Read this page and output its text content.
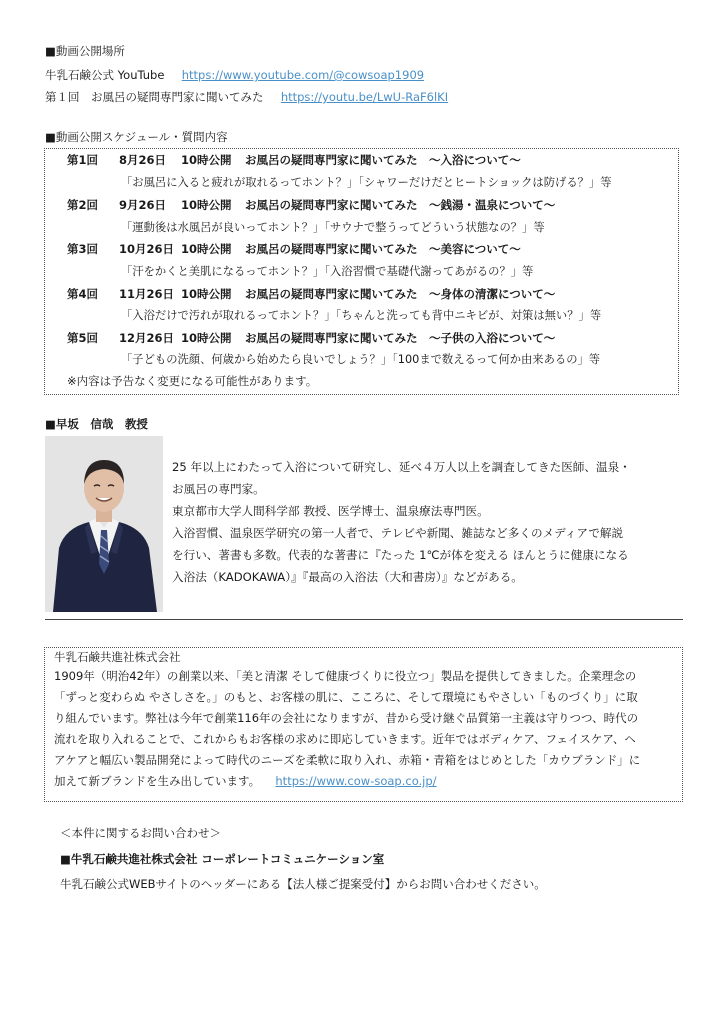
■動画公開場所
牛乳石鹸公式 YouTube https://www.youtube.com/@cowsoap1909
第１回　お風呂の疑問専門家に聞いてみた https://youtu.be/LwU-RaF6lKI
■動画公開スケジュール・質問内容
第1回 8月26日 10時公開 お風呂の疑問専門家に聞いてみた　～入浴について～
「お風呂に入ると疲れが取れるってホント？」「シャワーだけだとヒートショックは防げる？」等
第2回 9月26日 10時公開 お風呂の疑問専門家に聞いてみた　～銭湯・温泉について～
「運動後は水風呂が良いってホント？」「サウナで整うってどういう状態なの？」等
第3回 10月26日 10時公開 お風呂の疑問専門家に聞いてみた　～美容について～
「汗をかくと美肌になるってホント？」「入浴習慣で基礎代謝ってあがるの？」等
第4回 11月26日 10時公開 お風呂の疑問専門家に聞いてみた　～身体の清潔について～
「入浴だけで汚れが取れるってホント？」「ちゃんと洗っても背中ニキビが、対策は無い？」等
第5回 12月26日 10時公開 お風呂の疑問専門家に聞いてみた　～子供の入浴について～
「子どもの洗顔、何歳から始めたら良いでしょう？」「100まで数えるって何か由来あるの」等
※内容は予告なく変更になる可能性があります。
■早坂　信哉　教授
25 年以上にわたって入浴について研究し、延べ４万人以上を調査してきた医師、温泉・
お風呂の専門家。
東京都市大学人間科学部 教授、医学博士、温泉療法専門医。
入浴習慣、温泉医学研究の第一人者で、テレビや新聞、雑誌など多くのメディアで解説
を行い、著書も多数。代表的な著書に『たった 1℃が体を変える ほんとうに健康になる
入浴法（KADOKAWA）』『最高の入浴法（大和書房）』などがある。
牛乳石鹸共進社株式会社
1909年（明治42年）の創業以来、「美と清潔 そして健康づくりに役立つ」製品を提供してきました。企業理念の
「ずっと変わらぬ やさしさを。」のもと、お客様の肌に、こころに、そして環境にもやさしい「ものづくり」に取
り組んでいます。弊社は今年で創業116年の会社になりますが、昔から受け継ぐ品質第一主義は守りつつ、時代の
流れを取り入れることで、これからもお客様の求めに即応していきます。近年ではボディケア、フェイスケア、ヘ
アケアと幅広い製品開発によって時代のニーズを柔軟に取り入れ、赤箱・青箱をはじめとした「カウブランド」に
加えて新ブランドを生み出しています。 https://www.cow-soap.co.jp/
＜本件に関するお問い合わせ＞
■牛乳石鹸共進社株式会社 コーポレートコミュニケーション室
牛乳石鹸公式WEBサイトのヘッダーにある【法人様ご提案受付】からお問い合わせください。
